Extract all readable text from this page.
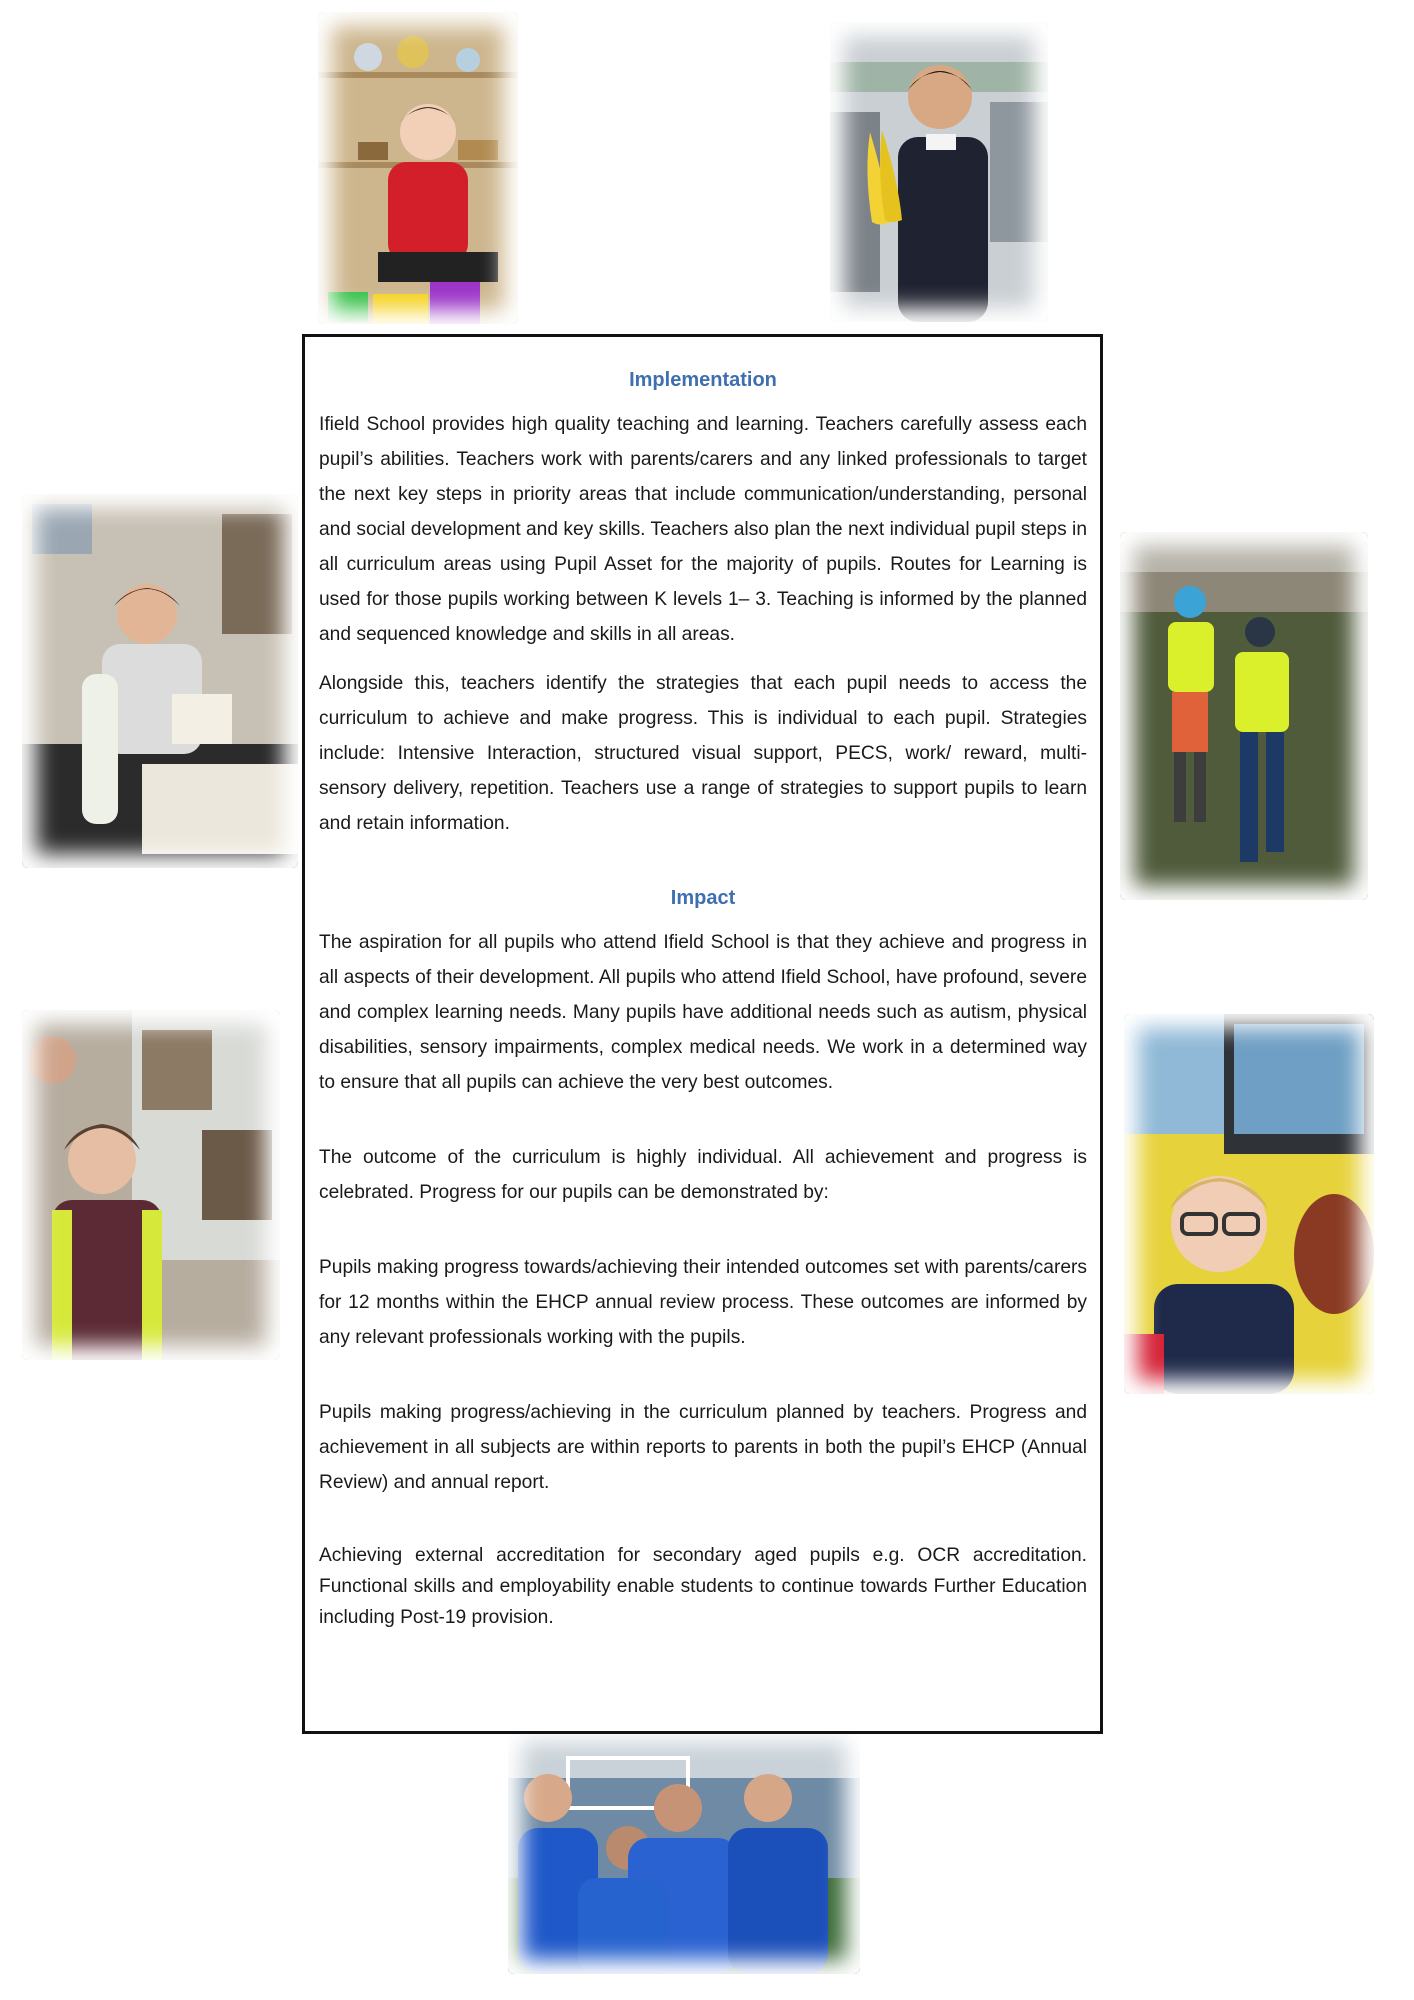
Implementation

Ifield School provides high quality teaching and learning. Teachers carefully assess each pupil’s abilities. Teachers work with parents/carers and any linked professionals to target the next key steps in priority areas that include communication/understanding, personal and social development and key skills. Teachers also plan the next individual pupil steps in all curriculum areas using Pupil Asset for the majority of pupils. Routes for Learning is used for those pupils working between K levels 1– 3. Teaching is informed by the planned and sequenced knowledge and skills in all areas.

Alongside this, teachers identify the strategies that each pupil needs to access the curriculum to achieve and make progress. This is individual to each pupil. Strategies include: Intensive Interaction, structured visual support, PECS, work/ reward, multi-sensory delivery, repetition. Teachers use a range of strategies to support pupils to learn and retain information.

Impact

The aspiration for all pupils who attend Ifield School is that they achieve and progress in all aspects of their development. All pupils who attend Ifield School, have profound, severe and complex learning needs. Many pupils have additional needs such as autism, physical disabilities, sensory impairments, complex medical needs. We work in a determined way to ensure that all pupils can achieve the very best outcomes.

The outcome of the curriculum is highly individual. All achievement and progress is celebrated. Progress for our pupils can be demonstrated by:

Pupils making progress towards/achieving their intended outcomes set with parents/carers for 12 months within the EHCP annual review process. These outcomes are informed by any relevant professionals working with the pupils.

Pupils making progress/achieving in the curriculum planned by teachers. Progress and achievement in all subjects are within reports to parents in both the pupil’s EHCP (Annual Review) and annual report.

Achieving external accreditation for secondary aged pupils e.g. OCR accreditation. Functional skills and employability enable students to continue towards Further Education including Post-19 provision.
